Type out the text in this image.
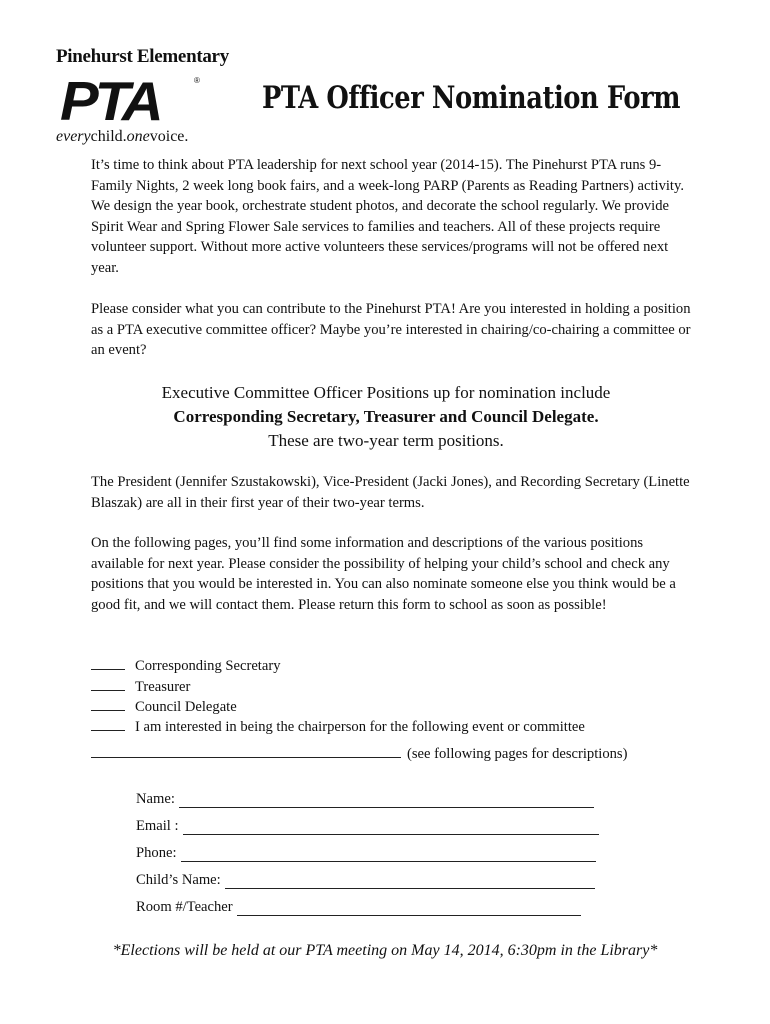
Pinehurst Elementary
PTA	®
everychild.onevoice.
PTA Officer Nomination Form
It’s time to think about PTA leadership for next school year (2014-15). The Pinehurst PTA runs 9-Family Nights, 2 week long book fairs, and a week-long PARP (Parents as Reading Partners) activity. We design the year book, orchestrate student photos, and decorate the school regularly. We provide Spirit Wear and Spring Flower Sale services to families and teachers. All of these projects require volunteer support. Without more active volunteers these services/programs will not be offered next year.
Please consider what you can contribute to the Pinehurst PTA! Are you interested in holding a position as a PTA executive committee officer? Maybe you’re interested in chairing/co-chairing a committee or an event?
Executive Committee Officer Positions up for nomination include
Corresponding Secretary, Treasurer and Council Delegate.
These are two-year term positions.
The President (Jennifer Szustakowski), Vice-President (Jacki Jones), and Recording Secretary (Linette Blaszak) are all in their first year of their two-year terms.
On the following pages, you’ll find some information and descriptions of the various positions available for next year. Please consider the possibility of helping your child’s school and check any positions that you would be interested in. You can also nominate someone else you think would be a good fit, and we will contact them. Please return this form to school as soon as possible!
Corresponding Secretary
Treasurer
Council Delegate
I am interested in being the chairperson for the following event or committee
(see following pages for descriptions)
Name:
Email :
Phone:
Child’s Name:
Room #/Teacher
*Elections will be held at our PTA meeting on May 14, 2014, 6:30pm in the Library*
